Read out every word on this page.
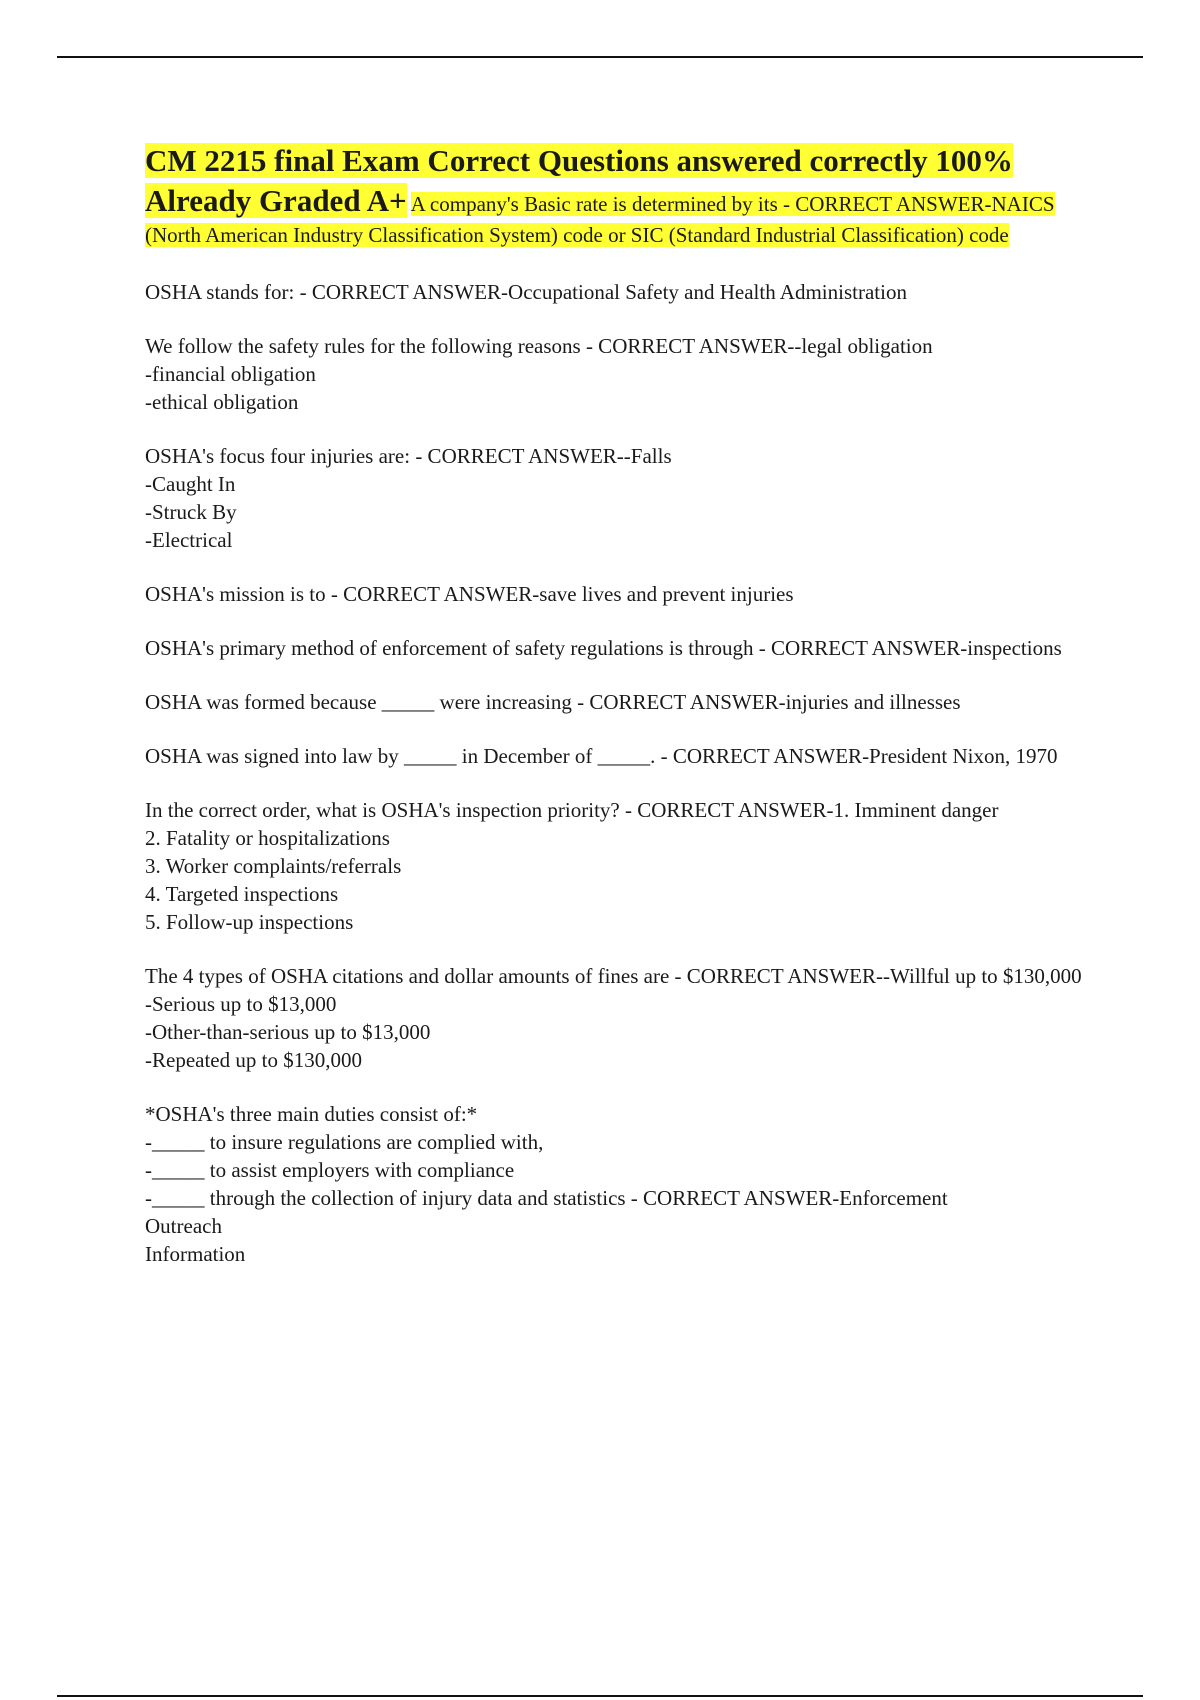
CM 2215 final Exam Correct Questions answered correctly 100% Already Graded A+ A company's Basic rate is determined by its - CORRECT ANSWER-NAICS (North American Industry Classification System) code or SIC (Standard Industrial Classification) code
OSHA stands for: - CORRECT ANSWER-Occupational Safety and Health Administration
We follow the safety rules for the following reasons - CORRECT ANSWER--legal obligation
-financial obligation
-ethical obligation
OSHA's focus four injuries are: - CORRECT ANSWER--Falls
-Caught In
-Struck By
-Electrical
OSHA's mission is to - CORRECT ANSWER-save lives and prevent injuries
OSHA's primary method of enforcement of safety regulations is through - CORRECT ANSWER-inspections
OSHA was formed because _____ were increasing - CORRECT ANSWER-injuries and illnesses
OSHA was signed into law by _____ in December of _____. - CORRECT ANSWER-President Nixon, 1970
In the correct order, what is OSHA's inspection priority? - CORRECT ANSWER-1. Imminent danger
2. Fatality or hospitalizations
3. Worker complaints/referrals
4. Targeted inspections
5. Follow-up inspections
The 4 types of OSHA citations and dollar amounts of fines are - CORRECT ANSWER--Willful up to $130,000
-Serious up to $13,000
-Other-than-serious up to $13,000
-Repeated up to $130,000
*OSHA's three main duties consist of:*
-_____ to insure regulations are complied with,
-_____ to assist employers with compliance
-_____ through the collection of injury data and statistics - CORRECT ANSWER-Enforcement
Outreach
Information
